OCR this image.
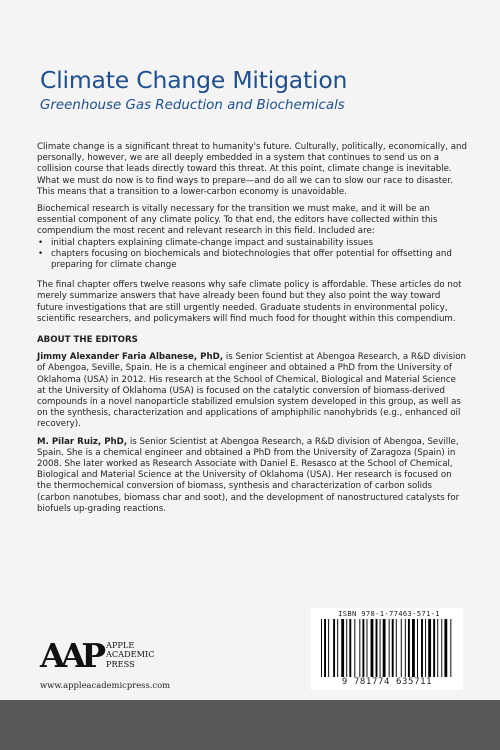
Climate Change Mitigation
Greenhouse Gas Reduction and Biochemicals

Climate change is a significant threat to humanity's future. Culturally, politically, economically, and personally, however, we are all deeply embedded in a system that continues to send us on a collision course that leads directly toward this threat. At this point, climate change is inevitable. What we must do now is to find ways to prepare—and do all we can to slow our race to disaster. This means that a transition to a lower-carbon economy is unavoidable.

Biochemical research is vitally necessary for the transition we must make, and it will be an essential component of any climate policy. To that end, the editors have collected within this compendium the most recent and relevant research in this field. Included are:

• initial chapters explaining climate-change impact and sustainability issues
• chapters focusing on biochemicals and biotechnologies that offer potential for offsetting and preparing for climate change

The final chapter offers twelve reasons why safe climate policy is affordable. These articles do not merely summarize answers that have already been found but they also point the way toward future investigations that are still urgently needed. Graduate students in environmental policy, scientific researchers, and policymakers will find much food for thought within this compendium.

ABOUT THE EDITORS

Jimmy Alexander Faria Albanese, PhD, is Senior Scientist at Abengoa Research, a R&D division of Abengoa, Seville, Spain. He is a chemical engineer and obtained a PhD from the University of Oklahoma (USA) in 2012. His research at the School of Chemical, Biological and Material Science at the University of Oklahoma (USA) is focused on the catalytic conversion of biomass-derived compounds in a novel nanoparticle stabilized emulsion system developed in this group, as well as on the synthesis, characterization and applications of amphiphilic nanohybrids (e.g., enhanced oil recovery).

M. Pilar Ruiz, PhD, is Senior Scientist at Abengoa Research, a R&D division of Abengoa, Seville, Spain. She is a chemical engineer and obtained a PhD from the University of Zaragoza (Spain) in 2008. She later worked as Research Associate with Daniel E. Resasco at the School of Chemical, Biological and Material Science at the University of Oklahoma (USA). Her research is focused on the thermochemical conversion of biomass, synthesis and characterization of carbon solids (carbon nanotubes, biomass char and soot), and the development of nanostructured catalysts for biofuels up-grading reactions.

AAP APPLE
ACADEMIC
PRESS
www.appleacademicpress.com
ISBN 978-1-77463-571-1
9 781774 635711
